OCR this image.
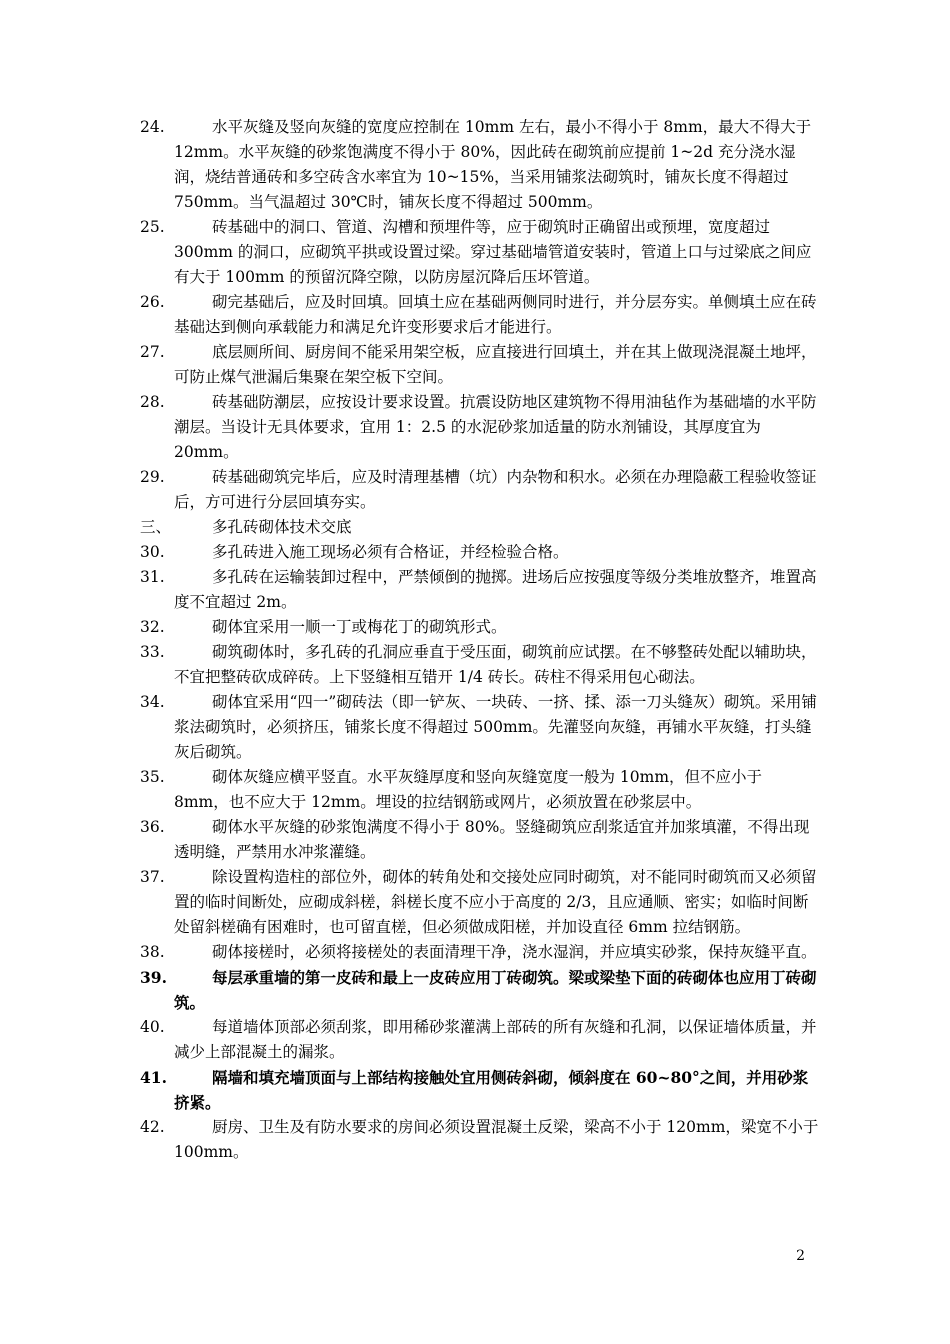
24.	水平灰缝及竖向灰缝的宽度应控制在 10mm 左右，最小不得小于 8mm，最大不得大于 12mm。水平灰缝的砂浆饱满度不得小于 80%，因此砖在砌筑前应提前 1~2d 充分浇水湿润，烧结普通砖和多空砖含水率宜为 10~15%，当采用铺浆法砌筑时，铺灰长度不得超过 750mm。当气温超过 30℃时，铺灰长度不得超过 500mm。

25.	砖基础中的洞口、管道、沟槽和预埋件等，应于砌筑时正确留出或预埋，宽度超过 300mm 的洞口，应砌筑平拱或设置过梁。穿过基础墙管道安装时，管道上口与过梁底之间应有大于 100mm 的预留沉降空隙，以防房屋沉降后压坏管道。

26.	砌完基础后，应及时回填。回填土应在基础两侧同时进行，并分层夯实。单侧填土应在砖基础达到侧向承载能力和满足允许变形要求后才能进行。

27.	底层厕所间、厨房间不能采用架空板，应直接进行回填土，并在其上做现浇混凝土地坪，可防止煤气泄漏后集聚在架空板下空间。

28.	砖基础防潮层，应按设计要求设置。抗震设防地区建筑物不得用油毡作为基础墙的水平防潮层。当设计无具体要求，宜用 1：2.5 的水泥砂浆加适量的防水剂铺设，其厚度宜为 20mm。

29.	砖基础砌筑完毕后，应及时清理基槽（坑）内杂物和积水。必须在办理隐蔽工程验收签证后，方可进行分层回填夯实。

三、	多孔砖砌体技术交底

30.	多孔砖进入施工现场必须有合格证，并经检验合格。

31.	多孔砖在运输装卸过程中，严禁倾倒的抛掷。进场后应按强度等级分类堆放整齐，堆置高度不宜超过 2m。

32.	砌体宜采用一顺一丁或梅花丁的砌筑形式。

33.	砌筑砌体时，多孔砖的孔洞应垂直于受压面，砌筑前应试摆。在不够整砖处配以辅助块，不宜把整砖砍成碎砖。上下竖缝相互错开 1/4 砖长。砖柱不得采用包心砌法。

34.	砌体宜采用“四一”砌砖法（即一铲灰、一块砖、一挤、揉、添一刀头缝灰）砌筑。采用铺浆法砌筑时，必须挤压，铺浆长度不得超过 500mm。先灌竖向灰缝，再铺水平灰缝，打头缝灰后砌筑。

35.	砌体灰缝应横平竖直。水平灰缝厚度和竖向灰缝宽度一般为 10mm，但不应小于 8mm，也不应大于 12mm。埋设的拉结钢筋或网片，必须放置在砂浆层中。

36.	砌体水平灰缝的砂浆饱满度不得小于 80%。竖缝砌筑应刮浆适宜并加浆填灌，不得出现透明缝，严禁用水冲浆灌缝。

37.	除设置构造柱的部位外，砌体的转角处和交接处应同时砌筑，对不能同时砌筑而又必须留置的临时间断处，应砌成斜槎，斜槎长度不应小于高度的 2/3，且应通顺、密实；如临时间断处留斜槎确有困难时，也可留直槎，但必须做成阳槎，并加设直径 6mm 拉结钢筋。

38.	砌体接槎时，必须将接槎处的表面清理干净，浇水湿润，并应填实砂浆，保持灰缝平直。

39.	每层承重墙的第一皮砖和最上一皮砖应用丁砖砌筑。梁或梁垫下面的砖砌体也应用丁砖砌筑。

40.	每道墙体顶部必须刮浆，即用稀砂浆灌满上部砖的所有灰缝和孔洞，以保证墙体质量，并减少上部混凝土的漏浆。

41.	隔墙和填充墙顶面与上部结构接触处宜用侧砖斜砌，倾斜度在 60~80°之间，并用砂浆挤紧。

42.	厨房、卫生及有防水要求的房间必须设置混凝土反梁，梁高不小于 120mm，梁宽不小于 100mm。

2
